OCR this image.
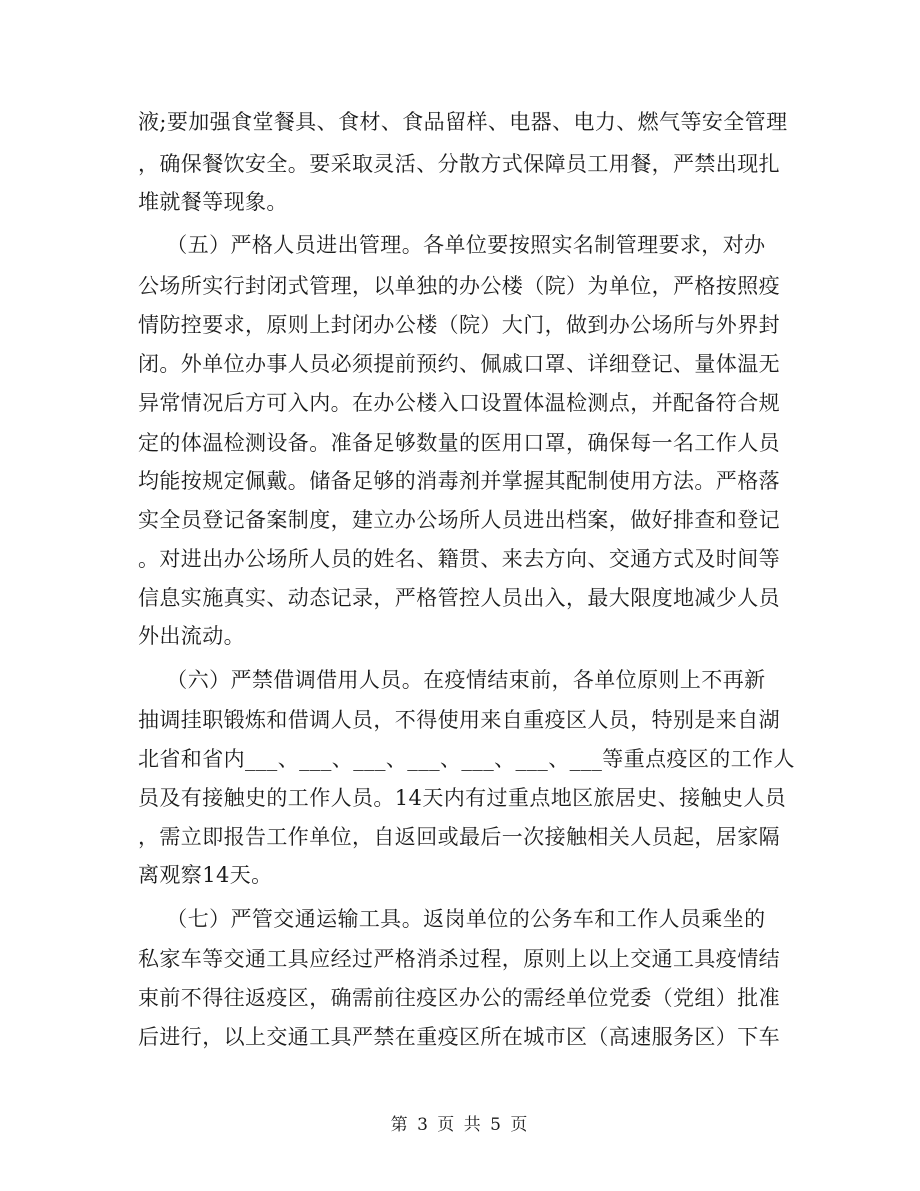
液;要加强食堂餐具、食材、食品留样、电器、电力、燃气等安全管理
，确保餐饮安全。要采取灵活、分散方式保障员工用餐，严禁出现扎
堆就餐等现象。
（五）严格人员进出管理。各单位要按照实名制管理要求，对办
公场所实行封闭式管理，以单独的办公楼（院）为单位，严格按照疫
情防控要求，原则上封闭办公楼（院）大门，做到办公场所与外界封
闭。外单位办事人员必须提前预约、佩戚口罩、详细登记、量体温无
异常情况后方可入内。在办公楼入口设置体温检测点，并配备符合规
定的体温检测设备。准备足够数量的医用口罩，确保每一名工作人员
均能按规定佩戴。储备足够的消毒剂并掌握其配制使用方法。严格落
实全员登记备案制度，建立办公场所人员进出档案，做好排查和登记
。对进出办公场所人员的姓名、籍贯、来去方向、交通方式及时间等
信息实施真实、动态记录，严格管控人员出入，最大限度地减少人员
外出流动。
（六）严禁借调借用人员。在疫情结束前，各单位原则上不再新
抽调挂职锻炼和借调人员，不得使用来自重疫区人员，特别是来自湖
北省和省内___、___、___、___、___、___、___等重点疫区的工作人
员及有接触史的工作人员。14天内有过重点地区旅居史、接触史人员
，需立即报告工作单位，自返回或最后一次接触相关人员起，居家隔
离观察14天。
（七）严管交通运输工具。返岗单位的公务车和工作人员乘坐的
私家车等交通工具应经过严格消杀过程，原则上以上交通工具疫情结
束前不得往返疫区，确需前往疫区办公的需经单位党委（党组）批准
后进行，以上交通工具严禁在重疫区所在城市区（高速服务区）下车
第 3 页 共 5 页
